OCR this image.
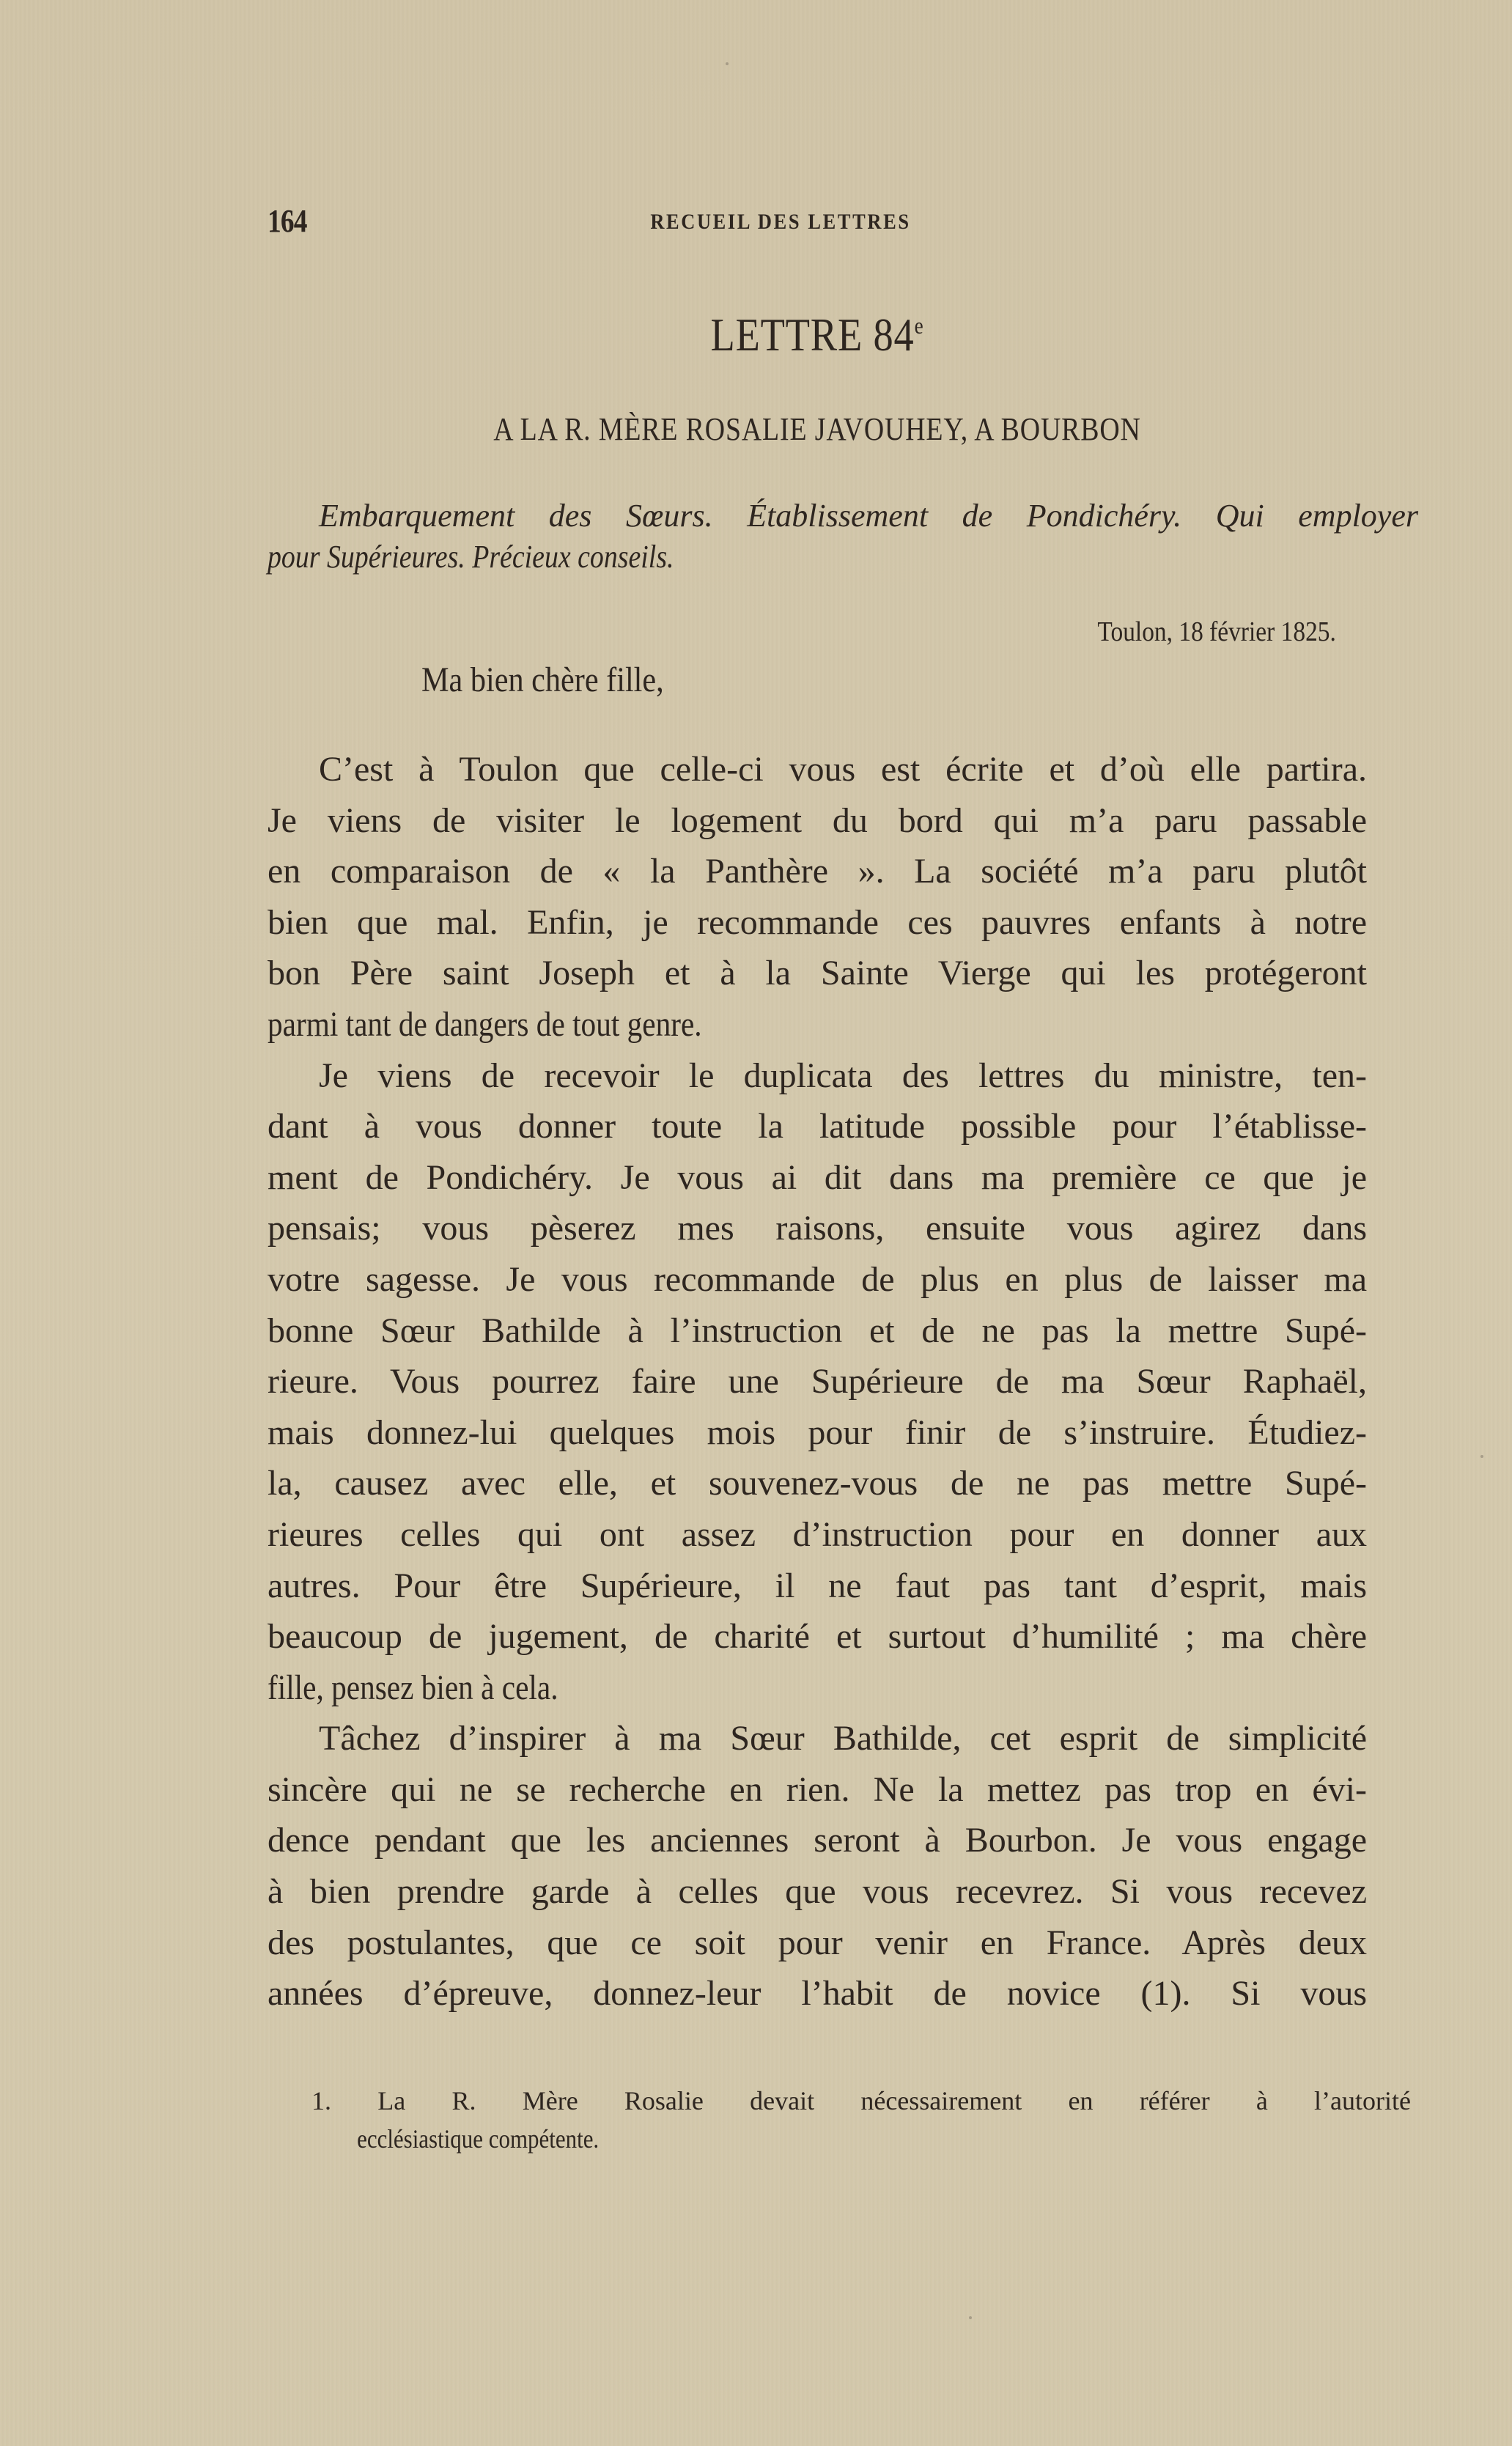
164	RECUEIL DES LETTRES
LETTRE 84e
A LA R. MÈRE ROSALIE JAVOUHEY, A BOURBON
Embarquement des Sœurs. Établissement de Pondichéry. Qui employer
pour Supérieures. Précieux conseils.
Toulon, 18 février 1825.
Ma bien chère fille,
C’est à Toulon que celle-ci vous est écrite et d’où elle partira.
Je viens de visiter le logement du bord qui m’a paru passable
en comparaison de « la Panthère ». La société m’a paru plutôt
bien que mal. Enfin, je recommande ces pauvres enfants à notre
bon Père saint Joseph et à la Sainte Vierge qui les protégeront
parmi tant de dangers de tout genre.
Je viens de recevoir le duplicata des lettres du ministre, ten-
dant à vous donner toute la latitude possible pour l’établisse-
ment de Pondichéry. Je vous ai dit dans ma première ce que je
pensais; vous pèserez mes raisons, ensuite vous agirez dans
votre sagesse. Je vous recommande de plus en plus de laisser ma
bonne Sœur Bathilde à l’instruction et de ne pas la mettre Supé-
rieure. Vous pourrez faire une Supérieure de ma Sœur Raphaël,
mais donnez-lui quelques mois pour finir de s’instruire. Étudiez-
la, causez avec elle, et souvenez-vous de ne pas mettre Supé-
rieures celles qui ont assez d’instruction pour en donner aux
autres. Pour être Supérieure, il ne faut pas tant d’esprit, mais
beaucoup de jugement, de charité et surtout d’humilité ; ma chère
fille, pensez bien à cela.
Tâchez d’inspirer à ma Sœur Bathilde, cet esprit de simplicité
sincère qui ne se recherche en rien. Ne la mettez pas trop en évi-
dence pendant que les anciennes seront à Bourbon. Je vous engage
à bien prendre garde à celles que vous recevrez. Si vous recevez
des postulantes, que ce soit pour venir en France. Après deux
années d’épreuve, donnez-leur l’habit de novice (1). Si vous
1. La R. Mère Rosalie devait nécessairement en référer à l’autorité
ecclésiastique compétente.
